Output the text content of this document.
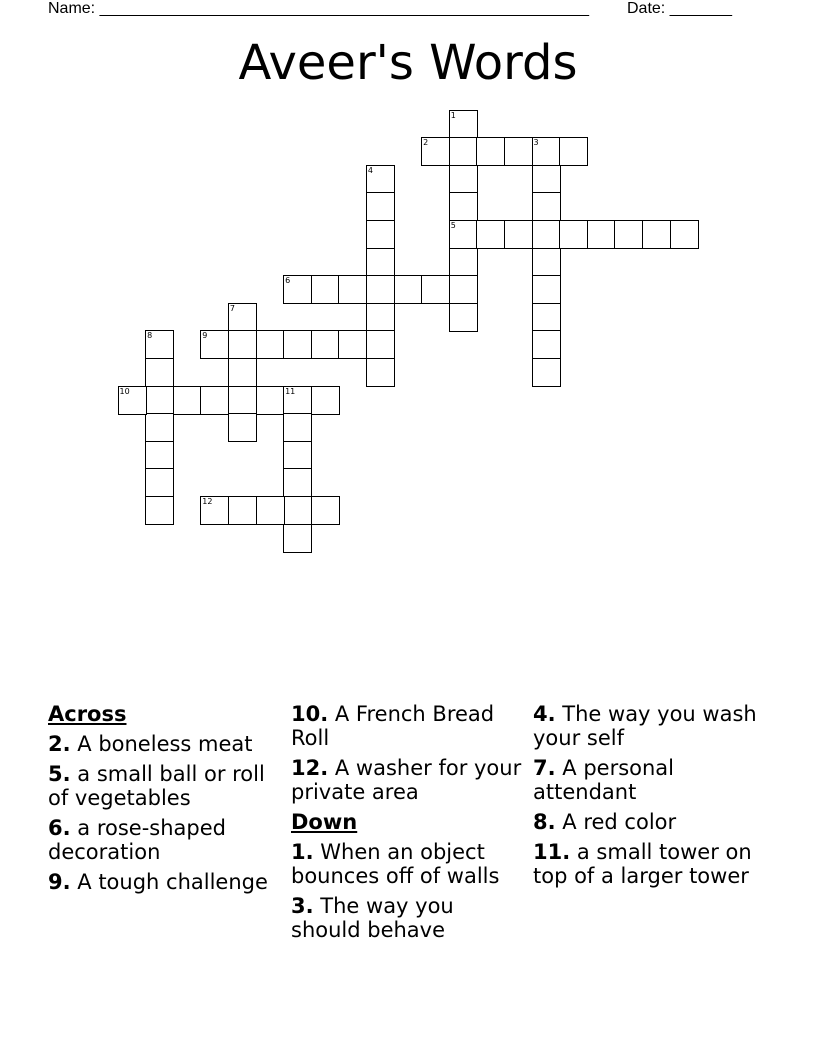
Name: _______________________________________________________ Date: _______
Aveer's Words
1
5
2	3
4
6
7
8	9
10	11
12
Across
2. A boneless meat
5. a small ball or roll of vegetables
6. a rose-shaped decoration
9. A tough challenge
10. A French Bread Roll
12. A washer for your private area
Down
1. When an object bounces off of walls
3. The way you should behave
4. The way you wash your self
7. A personal attendant
8. A red color
11. a small tower on top of a larger tower
